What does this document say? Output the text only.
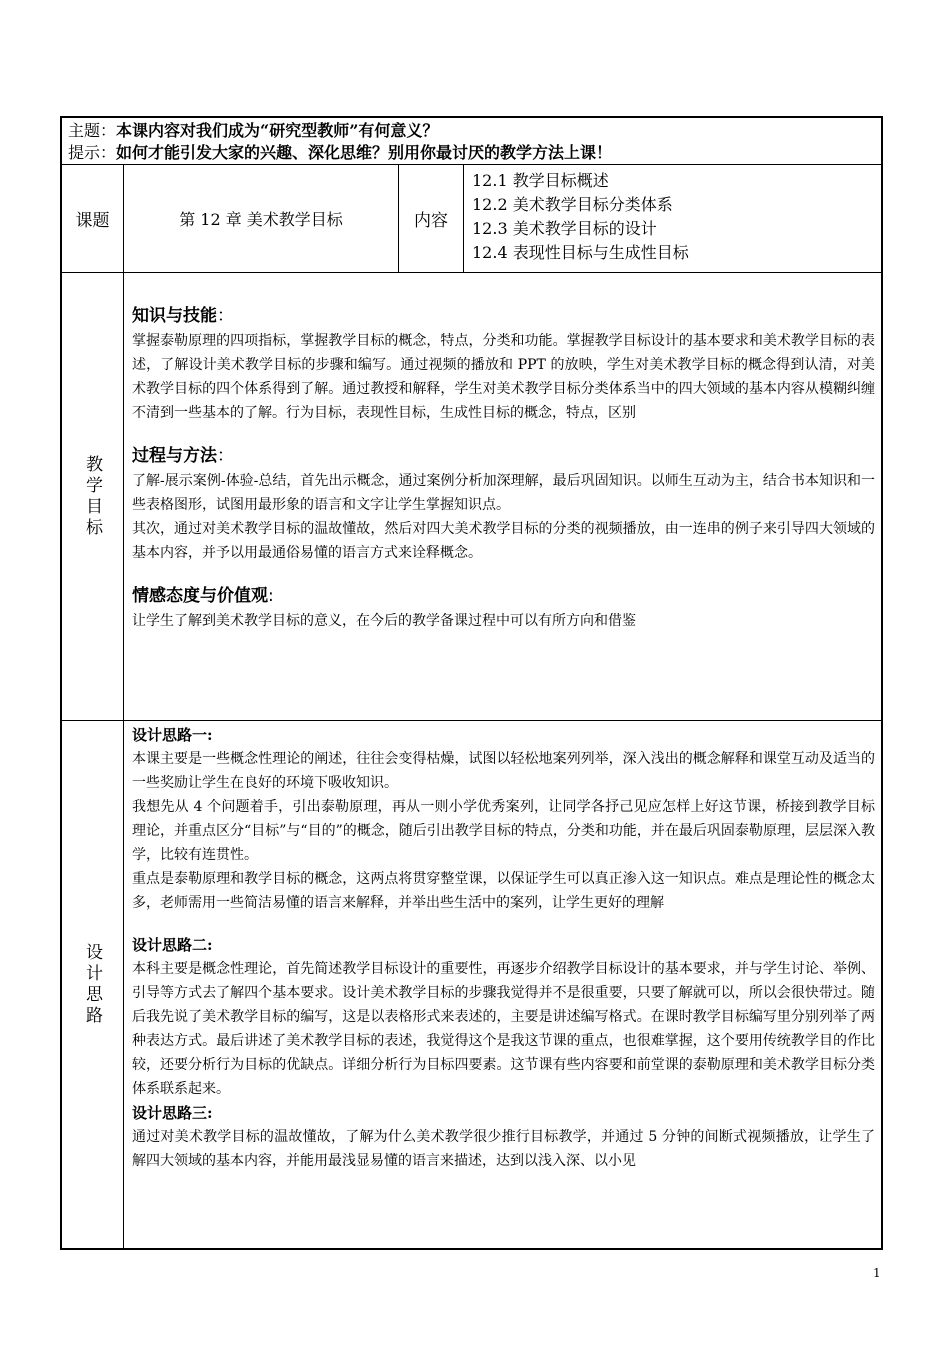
主题：本课内容对我们成为“研究型教师”有何意义？
提示：如何才能引发大家的兴趣、深化思维？别用你最讨厌的教学方法上课！
课题	第 12 章 美术教学目标	内容
12.1 教学目标概述
12.2 美术教学目标分类体系
12.3 美术教学目标的设计
12.4 表现性目标与生成性目标
教学目标
知识与技能：

掌握泰勒原理的四项指标，掌握教学目标的概念，特点，分类和功能。掌握教学目标设计的基本要求和美术教学目标的表述，了解设计美术教学目标的步骤和编写。通过视频的播放和 PPT 的放映，学生对美术教学目标的概念得到认清，对美术教学目标的四个体系得到了解。通过教授和解释，学生对美术教学目标分类体系当中的四大领域的基本内容从模糊纠缠不清到一些基本的了解。行为目标，表现性目标，生成性目标的概念，特点，区别

过程与方法：

了解-展示案例-体验-总结，首先出示概念，通过案例分析加深理解，最后巩固知识。以师生互动为主，结合书本知识和一些表格图形，试图用最形象的语言和文字让学生掌握知识点。

其次，通过对美术教学目标的温故懂故，然后对四大美术教学目标的分类的视频播放，由一连串的例子来引导四大领域的基本内容，并予以用最通俗易懂的语言方式来诠释概念。

情感态度与价值观:

让学生了解到美术教学目标的意义，在今后的教学备课过程中可以有所方向和借鉴

设计思路
设计思路一:

本课主要是一些概念性理论的阐述，往往会变得枯燥，试图以轻松地案列列举，深入浅出的概念解释和课堂互动及适当的一些奖励让学生在良好的环境下吸收知识。

我想先从 4 个问题着手，引出泰勒原理，再从一则小学优秀案列，让同学各抒己见应怎样上好这节课，桥接到教学目标理论，并重点区分“目标”与“目的”的概念，随后引出教学目标的特点，分类和功能，并在最后巩固泰勒原理，层层深入教学，比较有连贯性。

重点是泰勒原理和教学目标的概念，这两点将贯穿整堂课，以保证学生可以真正渗入这一知识点。难点是理论性的概念太多，老师需用一些简洁易懂的语言来解释，并举出些生活中的案列，让学生更好的理解

设计思路二:

本科主要是概念性理论，首先简述教学目标设计的重要性，再逐步介绍教学目标设计的基本要求，并与学生讨论、举例、引导等方式去了解四个基本要求。设计美术教学目标的步骤我觉得并不是很重要，只要了解就可以，所以会很快带过。随后我先说了美术教学目标的编写，这是以表格形式来表述的，主要是讲述编写格式。在课时教学目标编写里分别列举了两种表达方式。最后讲述了美术教学目标的表述，我觉得这个是我这节课的重点，也很难掌握，这个要用传统教学目的作比较，还要分析行为目标的优缺点。详细分析行为目标四要素。这节课有些内容要和前堂课的泰勒原理和美术教学目标分类体系联系起来。

设计思路三:

通过对美术教学目标的温故懂故，了解为什么美术教学很少推行目标教学，并通过 5 分钟的间断式视频播放，让学生了解四大领域的基本内容，并能用最浅显易懂的语言来描述，达到以浅入深、以小见

1
